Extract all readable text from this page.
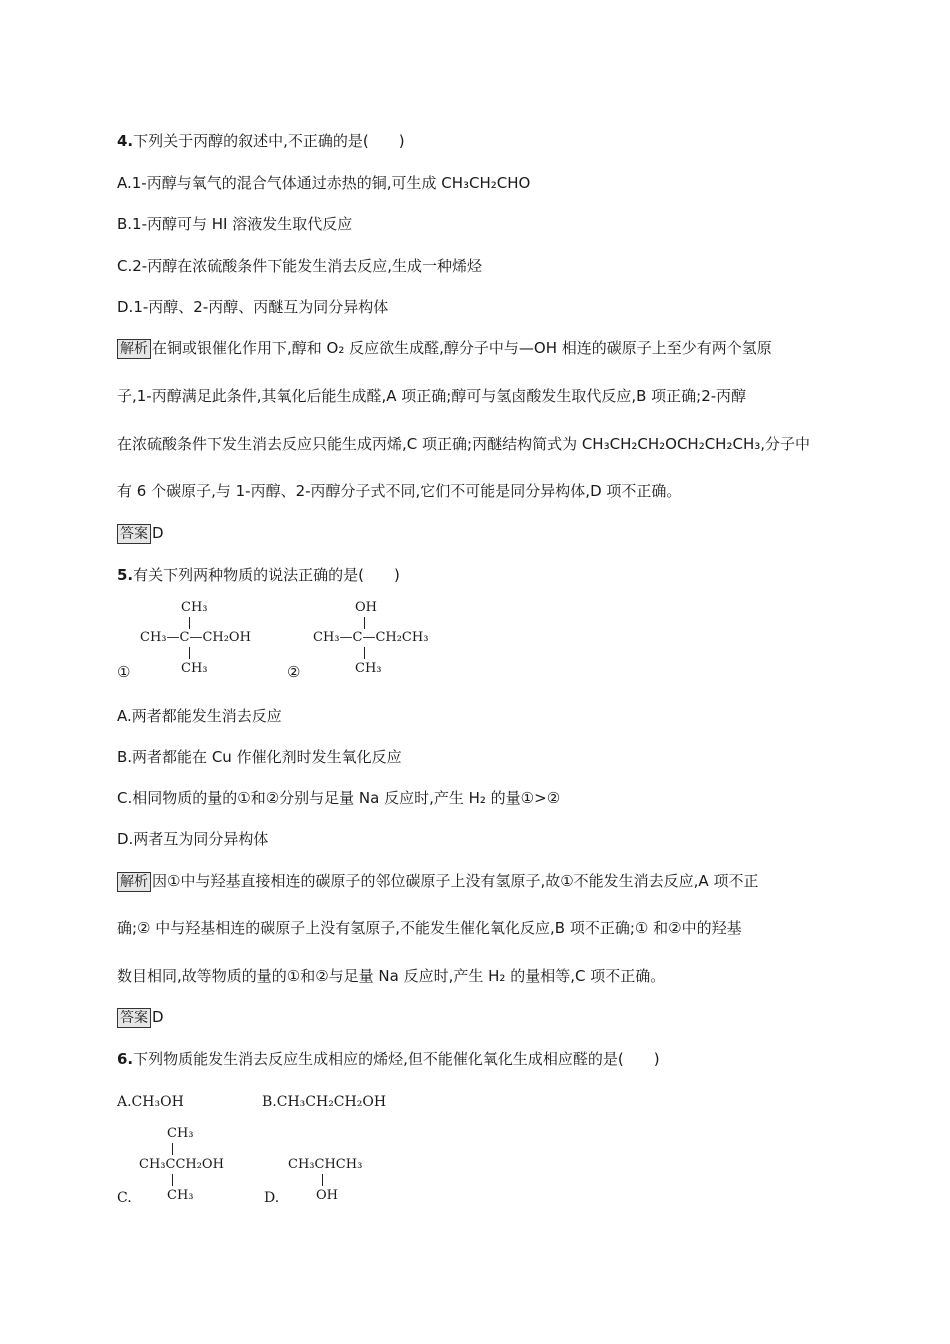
4.下列关于丙醇的叙述中,不正确的是(　　)
A.1-丙醇与氧气的混合气体通过赤热的铜,可生成 CH₃CH₂CHO
B.1-丙醇可与 HI 溶液发生取代反应
C.2-丙醇在浓硫酸条件下能发生消去反应,生成一种烯烃
D.1-丙醇、2-丙醇、丙醚互为同分异构体
解析 在铜或银催化作用下,醇和 O₂ 反应欲生成醛,醇分子中与—OH 相连的碳原子上至少有两个氢原
子,1-丙醇满足此条件,其氧化后能生成醛,A 项正确;醇可与氢卤酸发生取代反应,B 项正确;2-丙醇
在浓硫酸条件下发生消去反应只能生成丙烯,C 项正确;丙醚结构简式为 CH₃CH₂CH₂OCH₂CH₂CH₃,分子中
有 6 个碳原子,与 1-丙醇、2-丙醇分子式不同,它们不可能是同分异构体,D 项不正确。
答案 D
5.有关下列两种物质的说法正确的是(　　)
CH₃
CH₃—C—CH₂OH
CH₃
①
OH
CH₃—C—CH₂CH₃
CH₃
②
A.两者都能发生消去反应
B.两者都能在 Cu 作催化剂时发生氧化反应
C.相同物质的量的①和②分别与足量 Na 反应时,产生 H₂ 的量①>②
D.两者互为同分异构体
解析 因①中与羟基直接相连的碳原子的邻位碳原子上没有氢原子,故①不能发生消去反应,A 项不正
确;② 中与羟基相连的碳原子上没有氢原子,不能发生催化氧化反应,B 项不正确;① 和②中的羟基
数目相同,故等物质的量的①和②与足量 Na 反应时,产生 H₂ 的量相等,C 项不正确。
答案 D
6.下列物质能发生消去反应生成相应的烯烃,但不能催化氧化生成相应醛的是(　　)
A.CH₃OH	B.CH₃CH₂CH₂OH
CH₃
CH₃CCH₂OH
CH₃
C.
CH₃CHCH₃
OH
D.
